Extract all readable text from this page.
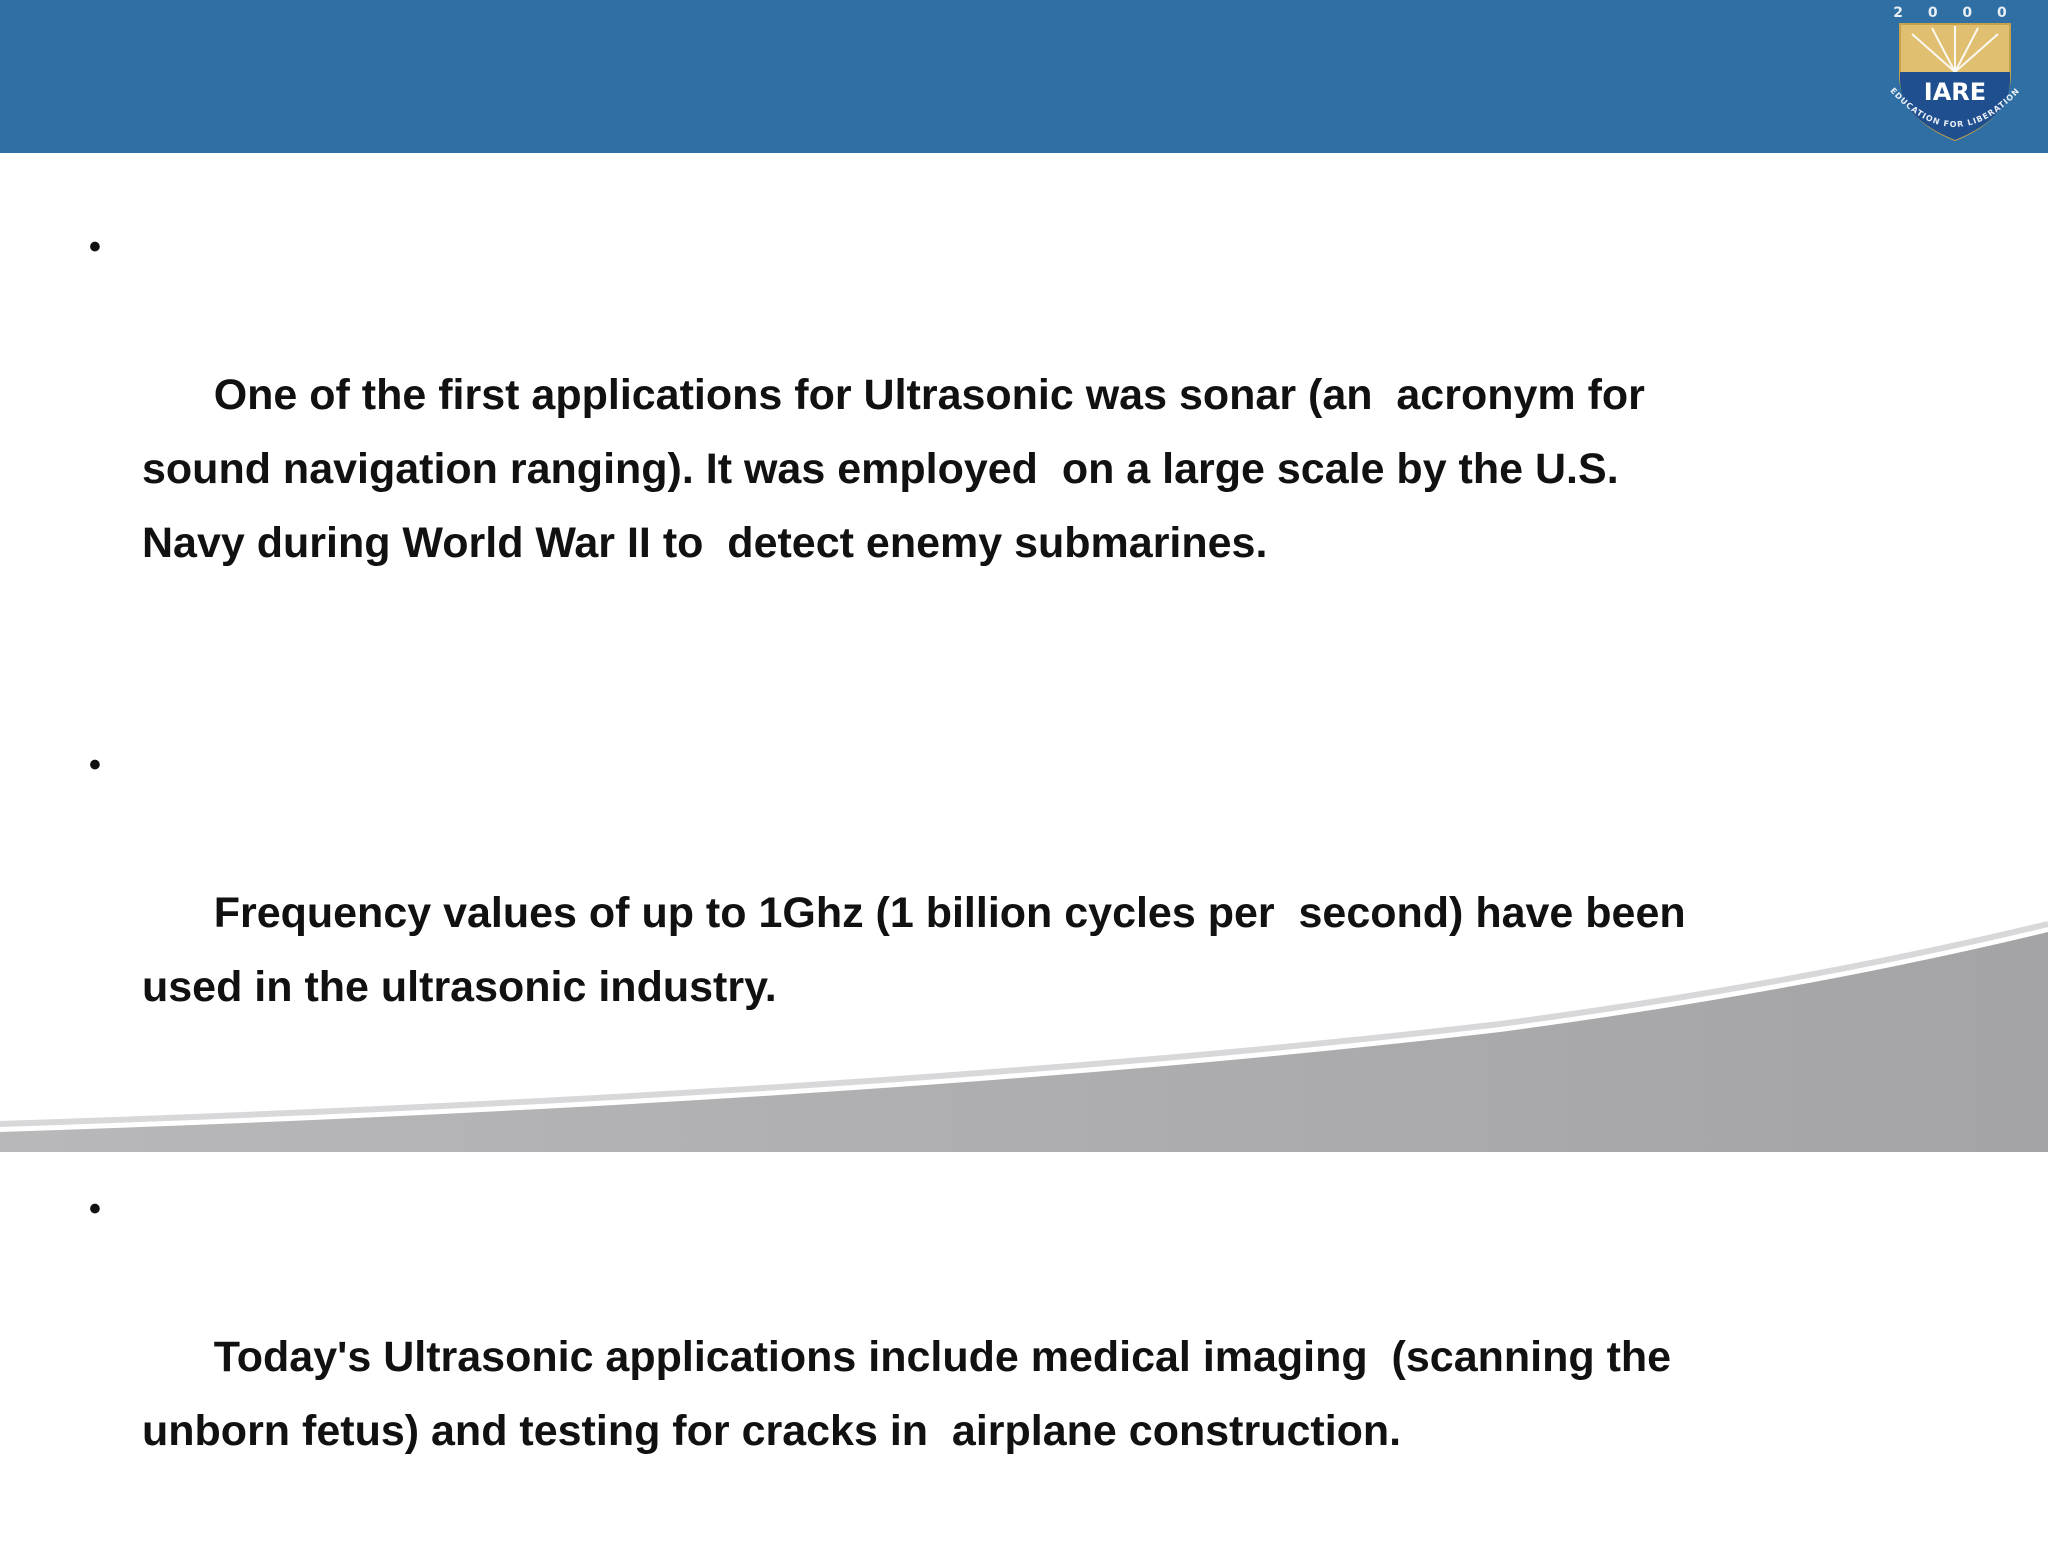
2 0 0 0
IARE
EDUCATION FOR LIBERATION

•

One of the first applications for Ultrasonic was sonar (an  acronym for sound navigation ranging). It was employed  on a large scale by the U.S. Navy during World War II to  detect enemy submarines.

•

Frequency values of up to 1Ghz (1 billion cycles per  second) have been used in the ultrasonic industry.

•

Today's Ultrasonic applications include medical imaging  (scanning the unborn fetus) and testing for cracks in  airplane construction.
